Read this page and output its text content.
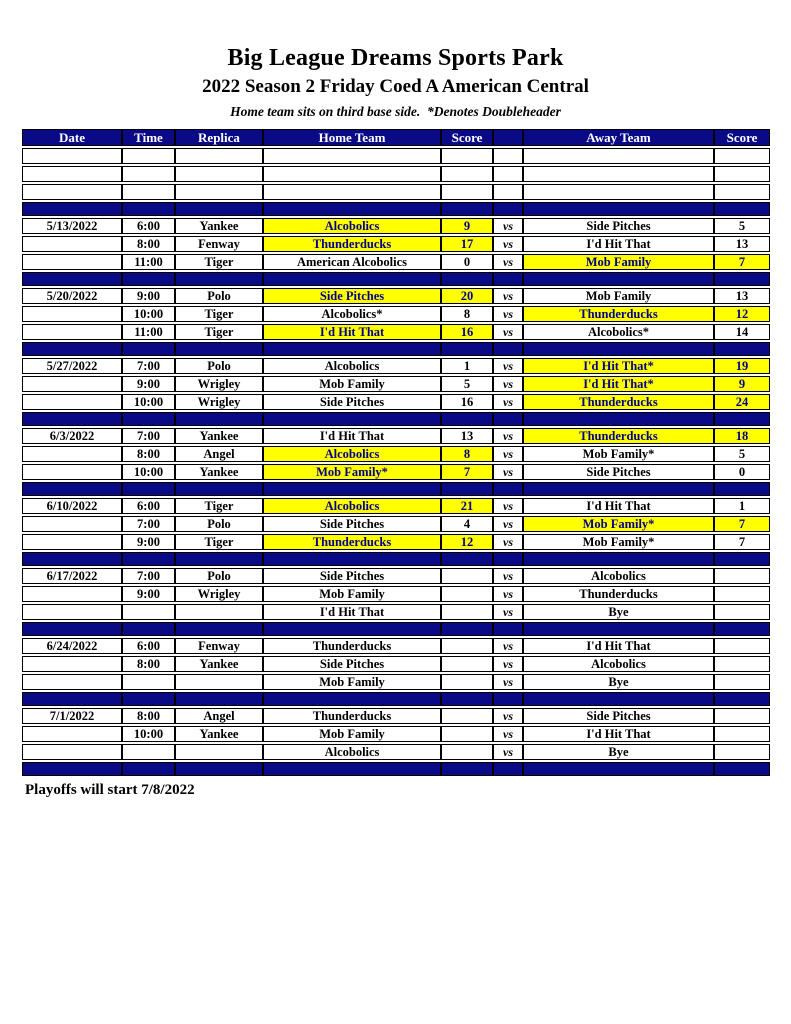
Big League Dreams Sports Park
2022 Season 2 Friday Coed A American Central
Home team sits on third base side.  *Denotes Doubleheader
Date	Time	Replica	Home Team	Score		Away Team	Score

5/13/2022	6:00	Yankee	Alcobolics	9	vs	Side Pitches	5
	8:00	Fenway	Thunderducks	17	vs	I'd Hit That	13
	11:00	Tiger	American Alcobolics	0	vs	Mob Family	7

5/20/2022	9:00	Polo	Side Pitches	20	vs	Mob Family	13
	10:00	Tiger	Alcobolics*	8	vs	Thunderducks	12
	11:00	Tiger	I'd Hit That	16	vs	Alcobolics*	14

5/27/2022	7:00	Polo	Alcobolics	1	vs	I'd Hit That*	19
	9:00	Wrigley	Mob Family	5	vs	I'd Hit That*	9
	10:00	Wrigley	Side Pitches	16	vs	Thunderducks	24

6/3/2022	7:00	Yankee	I'd Hit That	13	vs	Thunderducks	18
	8:00	Angel	Alcobolics	8	vs	Mob Family*	5
	10:00	Yankee	Mob Family*	7	vs	Side Pitches	0

6/10/2022	6:00	Tiger	Alcobolics	21	vs	I'd Hit That	1
	7:00	Polo	Side Pitches	4	vs	Mob Family*	7
	9:00	Tiger	Thunderducks	12	vs	Mob Family*	7

6/17/2022	7:00	Polo	Side Pitches		vs	Alcobolics	
	9:00	Wrigley	Mob Family		vs	Thunderducks	
			I'd Hit That		vs	Bye	

6/24/2022	6:00	Fenway	Thunderducks		vs	I'd Hit That	
	8:00	Yankee	Side Pitches		vs	Alcobolics	
			Mob Family		vs	Bye	

7/1/2022	8:00	Angel	Thunderducks		vs	Side Pitches	
	10:00	Yankee	Mob Family		vs	I'd Hit That	
			Alcobolics		vs	Bye	

Playoffs will start 7/8/2022
